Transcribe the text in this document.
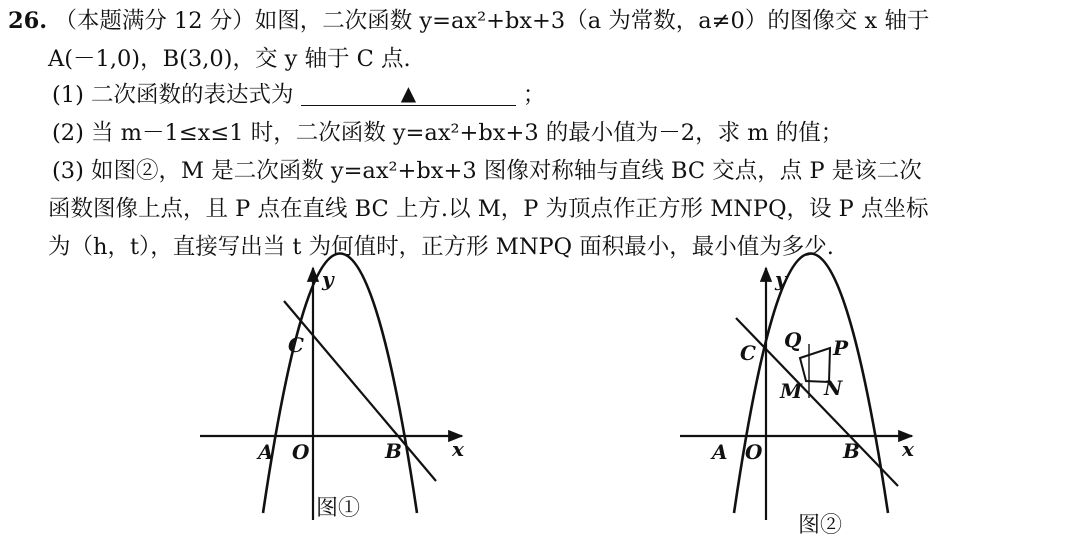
26. （本题满分 12 分）如图，二次函数 y=ax²+bx+3（a 为常数，a≠0）的图像交 x 轴于
A(－1,0)，B(3,0)，交 y 轴于 C 点.
(1) 二次函数的表达式为	▲	；
(2) 当 m－1≤x≤1 时，二次函数 y=ax²+bx+3 的最小值为－2，求 m 的值；
(3) 如图②，M 是二次函数 y=ax²+bx+3 图像对称轴与直线 BC 交点，点 P 是该二次
函数图像上点，且 P 点在直线 BC 上方.以 M，P 为顶点作正方形 MNPQ，设 P 点坐标
为（h，t），直接写出当 t 为何值时，正方形 MNPQ 面积最小，最小值为多少.
y
x
C
A O	B
图①
y
x
C
A O	B
Q P
M N
图②
